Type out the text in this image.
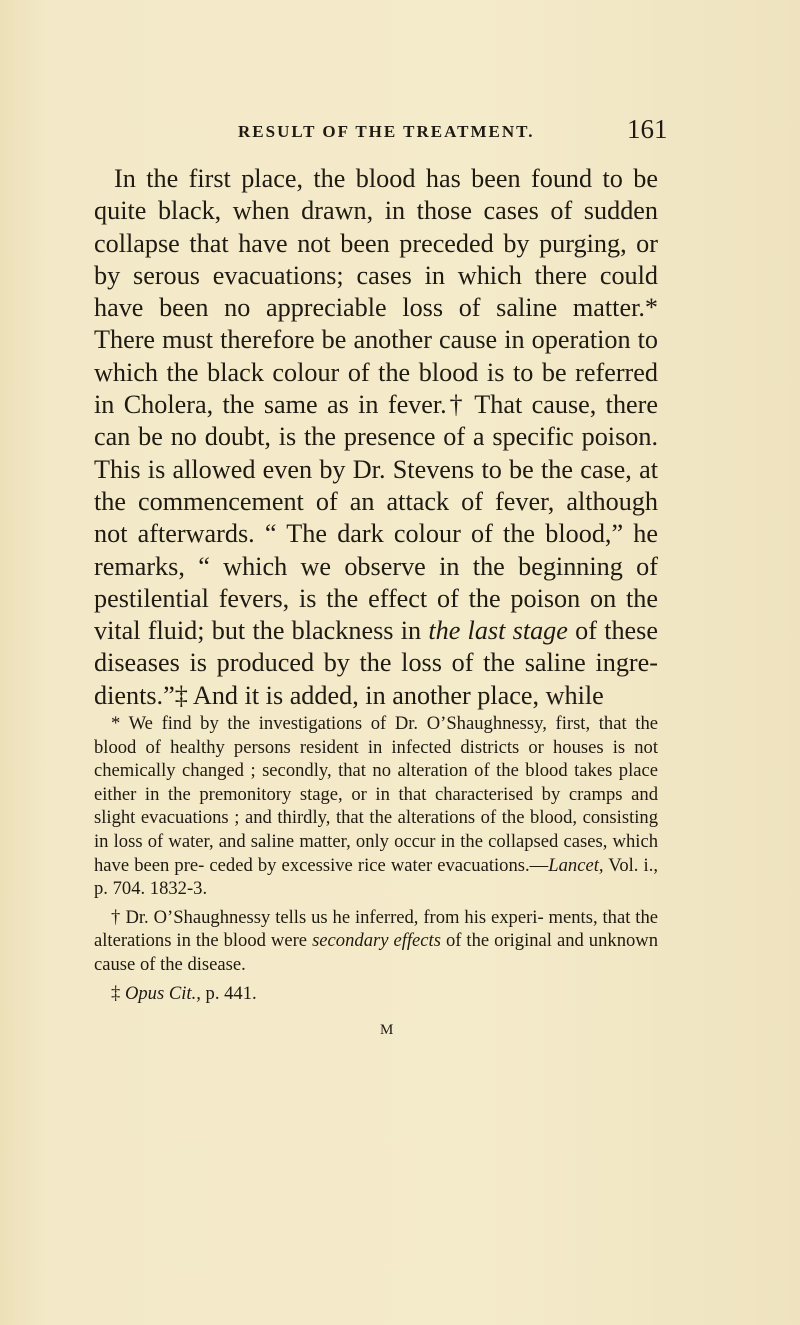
RESULT OF THE TREATMENT.	161

In the first place, the blood has been found to be quite black, when drawn, in those cases of sudden collapse that have not been preceded by purging, or by serous evacuations; cases in which there could have been no appreciable loss of saline matter.* There must therefore be another cause in operation to which the black colour of the blood is to be referred in Cholera, the same as in fever.† That cause, there can be no doubt, is the presence of a specific poison. This is allowed even by Dr. Stevens to be the case, at the commencement of an attack of fever, although not afterwards. “ The dark colour of the blood,” he remarks, “ which we observe in the beginning of pestilential fevers, is the effect of the poison on the vital fluid; but the blackness in the last stage of these diseases is produced by the loss of the saline ingre- dients.”‡ And it is added, in another place, while

* We find by the investigations of Dr. O’Shaughnessy, first, that the blood of healthy persons resident in infected districts or houses is not chemically changed ; secondly, that no alteration of the blood takes place either in the premonitory stage, or in that characterised by cramps and slight evacuations ; and thirdly, that the alterations of the blood, consisting in loss of water, and saline matter, only occur in the collapsed cases, which have been pre- ceded by excessive rice water evacuations.—Lancet, Vol. i., p. 704. 1832-3.

† Dr. O’Shaughnessy tells us he inferred, from his experi- ments, that the alterations in the blood were secondary effects of the original and unknown cause of the disease.

‡ Opus Cit., p. 441.

M
